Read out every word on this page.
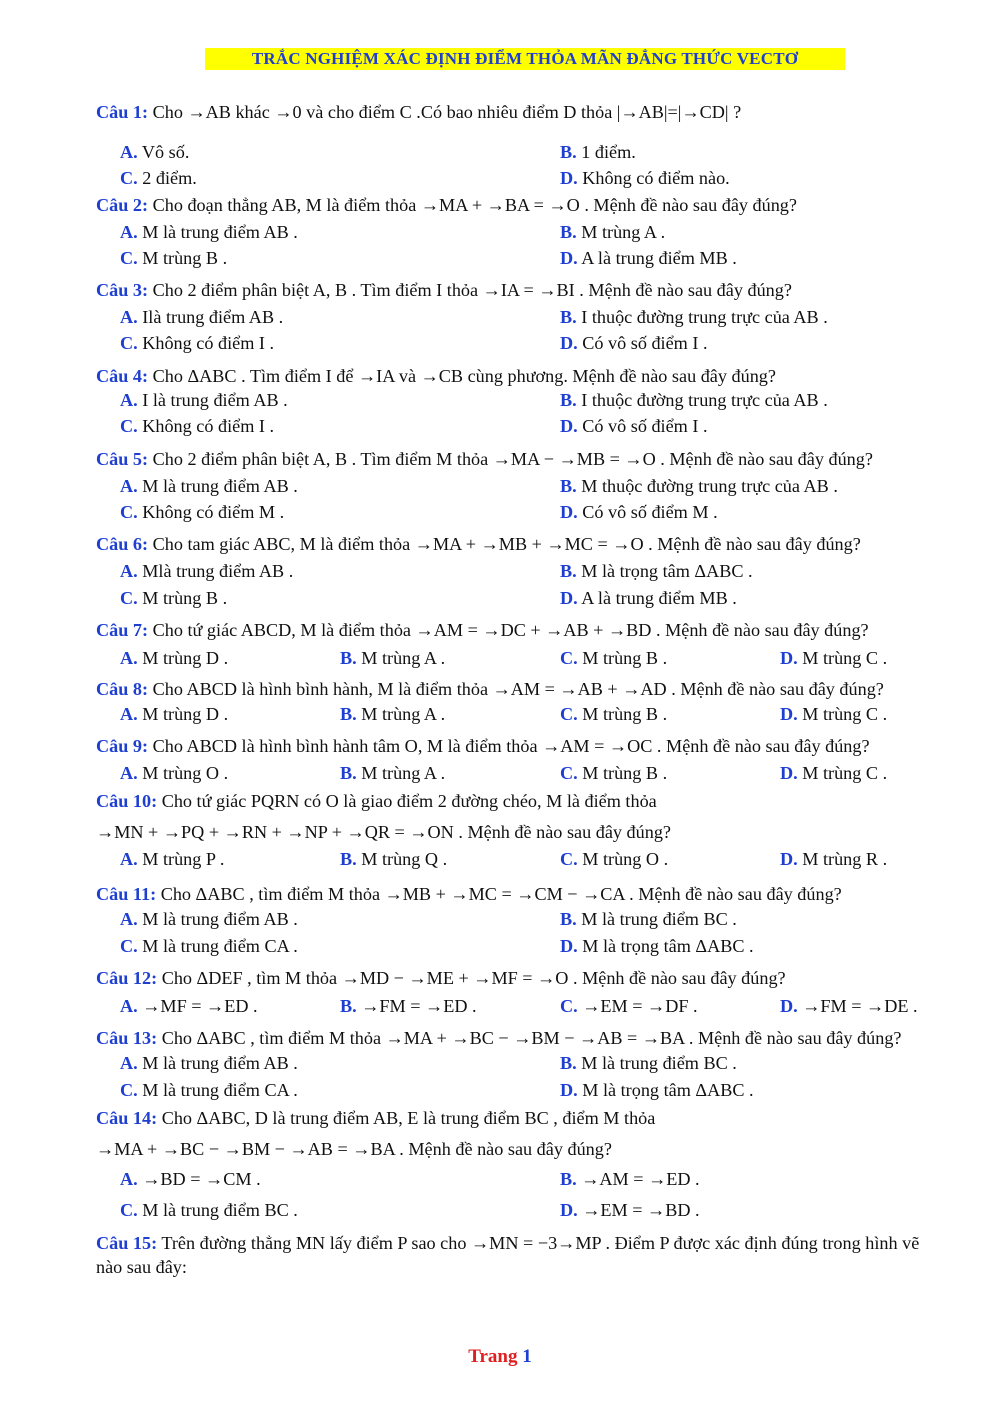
TRẮC NGHIỆM XÁC ĐỊNH ĐIỂM THỎA MÃN ĐẲNG THỨC VECTƠ
Câu 1: Cho →AB khác →0 và cho điểm C .Có bao nhiêu điểm D thỏa |→AB|=|→CD| ?
A. Vô số.	B. 1 điểm.
C. 2 điểm.	D. Không có điểm nào.
Câu 2: Cho đoạn thẳng AB, M là điểm thỏa →MA + →BA = →O . Mệnh đề nào sau đây đúng?
A. M là trung điểm AB .	B. M trùng A .
C. M trùng B .	D. A là trung điểm MB .
Câu 3: Cho 2 điểm phân biệt A, B . Tìm điểm I thỏa →IA = →BI . Mệnh đề nào sau đây đúng?
A. Ilà trung điểm AB .	B. I thuộc đường trung trực của AB .
C. Không có điểm I .	D. Có vô số điểm I .
Câu 4: Cho ΔABC . Tìm điểm I để →IA và →CB cùng phương. Mệnh đề nào sau đây đúng?
A. I là trung điểm AB .	B. I thuộc đường trung trực của AB .
C. Không có điểm I .	D. Có vô số điểm I .
Câu 5: Cho 2 điểm phân biệt A, B . Tìm điểm M thỏa →MA − →MB = →O . Mệnh đề nào sau đây đúng?
A. M là trung điểm AB .	B. M thuộc đường trung trực của AB .
C. Không có điểm M .	D. Có vô số điểm M .
Câu 6: Cho tam giác ABC, M là điểm thỏa →MA + →MB + →MC = →O . Mệnh đề nào sau đây đúng?
A. Mlà trung điểm AB .	B. M là trọng tâm ΔABC .
C. M trùng B .	D. A là trung điểm MB .
Câu 7: Cho tứ giác ABCD, M là điểm thỏa →AM = →DC + →AB + →BD . Mệnh đề nào sau đây đúng?
A. M trùng D .	B. M trùng A .	C. M trùng B .	D. M trùng C .
Câu 8: Cho ABCD là hình bình hành, M là điểm thỏa →AM = →AB + →AD . Mệnh đề nào sau đây đúng?
A. M trùng D .	B. M trùng A .	C. M trùng B .	D. M trùng C .
Câu 9: Cho ABCD là hình bình hành tâm O, M là điểm thỏa →AM = →OC . Mệnh đề nào sau đây đúng?
A. M trùng O .	B. M trùng A .	C. M trùng B .	D. M trùng C .
Câu 10: Cho tứ giác PQRN có O là giao điểm 2 đường chéo, M là điểm thỏa
→MN + →PQ + →RN + →NP + →QR = →ON . Mệnh đề nào sau đây đúng?
A. M trùng P .	B. M trùng Q .	C. M trùng O .	D. M trùng R .
Câu 11: Cho ΔABC , tìm điểm M thỏa →MB + →MC = →CM − →CA . Mệnh đề nào sau đây đúng?
A. M là trung điểm AB .	B. M là trung điểm BC .
C. M là trung điểm CA .	D. M là trọng tâm ΔABC .
Câu 12: Cho ΔDEF , tìm M thỏa →MD − →ME + →MF = →O . Mệnh đề nào sau đây đúng?
A. →MF = →ED .	B. →FM = →ED .	C. →EM = →DF .	D. →FM = →DE .
Câu 13: Cho ΔABC , tìm điểm M thỏa →MA + →BC − →BM − →AB = →BA . Mệnh đề nào sau đây đúng?
A. M là trung điểm AB .	B. M là trung điểm BC .
C. M là trung điểm CA .	D. M là trọng tâm ΔABC .
Câu 14: Cho ΔABC, D là trung điểm AB, E là trung điểm BC , điểm M thỏa
→MA + →BC − →BM − →AB = →BA . Mệnh đề nào sau đây đúng?
A. →BD = →CM .	B. →AM = →ED .
C. M là trung điểm BC .	D. →EM = →BD .
Câu 15: Trên đường thẳng MN lấy điểm P sao cho →MN = −3→MP . Điểm P được xác định đúng trong hình vẽ nào sau đây:
Trang 1
